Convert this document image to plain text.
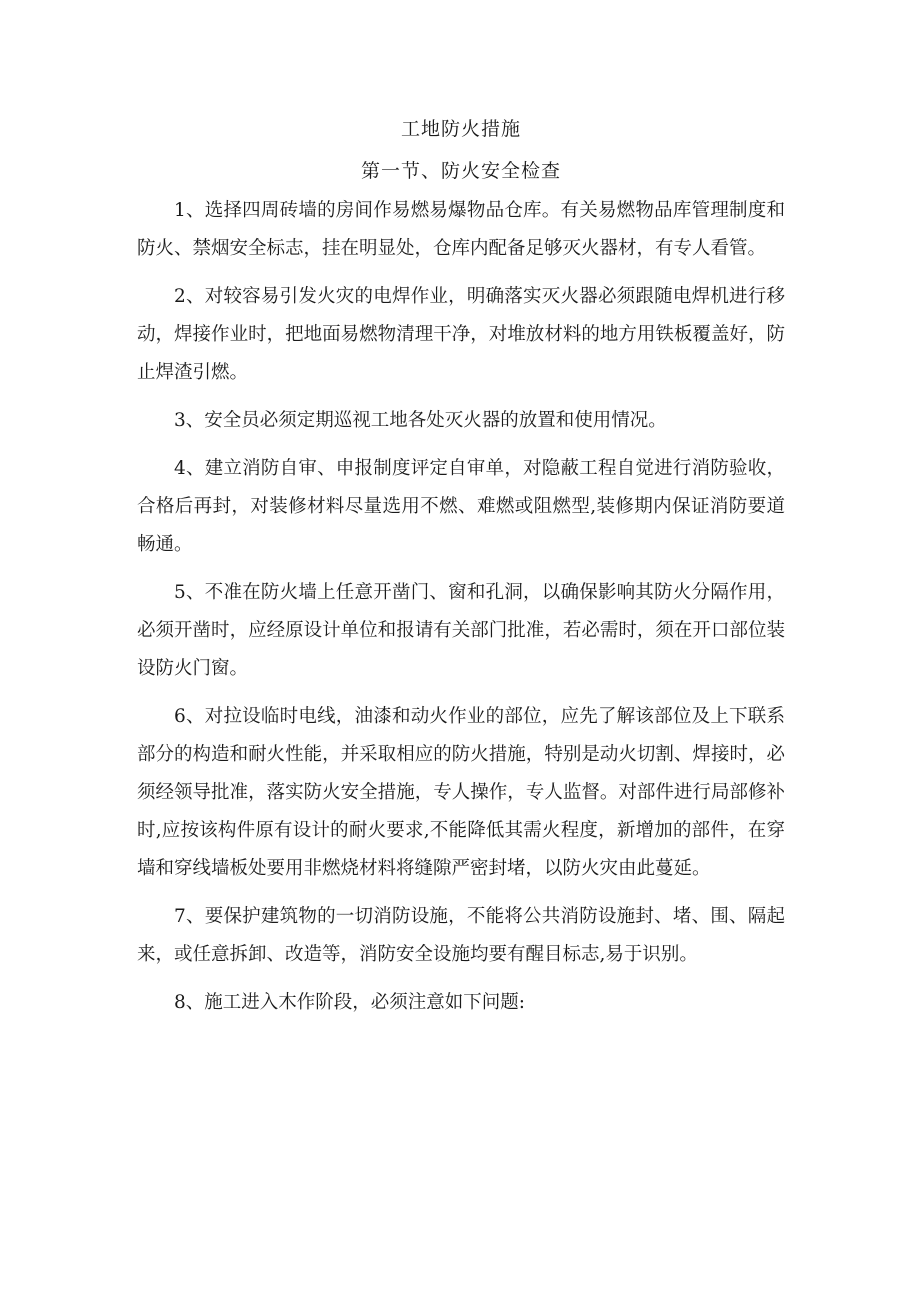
工地防火措施
第一节、防火安全检查

1、选择四周砖墙的房间作易燃易爆物品仓库。有关易燃物品库管理制度和防火、禁烟安全标志，挂在明显处，仓库内配备足够灭火器材，有专人看管。

2、对较容易引发火灾的电焊作业，明确落实灭火器必须跟随电焊机进行移动，焊接作业时，把地面易燃物清理干净，对堆放材料的地方用铁板覆盖好，防止焊渣引燃。

3、安全员必须定期巡视工地各处灭火器的放置和使用情况。

4、建立消防自审、申报制度评定自审单，对隐蔽工程自觉进行消防验收，合格后再封，对装修材料尽量选用不燃、难燃或阻燃型,装修期内保证消防要道畅通。

5、不准在防火墙上任意开凿门、窗和孔洞，以确保影响其防火分隔作用，必须开凿时，应经原设计单位和报请有关部门批准，若必需时，须在开口部位装设防火门窗。

6、对拉设临时电线，油漆和动火作业的部位，应先了解该部位及上下联系部分的构造和耐火性能，并采取相应的防火措施，特别是动火切割、焊接时，必须经领导批准，落实防火安全措施，专人操作，专人监督。对部件进行局部修补时,应按该构件原有设计的耐火要求,不能降低其需火程度，新增加的部件，在穿墙和穿线墙板处要用非燃烧材料将缝隙严密封堵，以防火灾由此蔓延。

7、要保护建筑物的一切消防设施，不能将公共消防设施封、堵、围、隔起来，或任意拆卸、改造等，消防安全设施均要有醒目标志,易于识别。

8、施工进入木作阶段，必须注意如下问题:
